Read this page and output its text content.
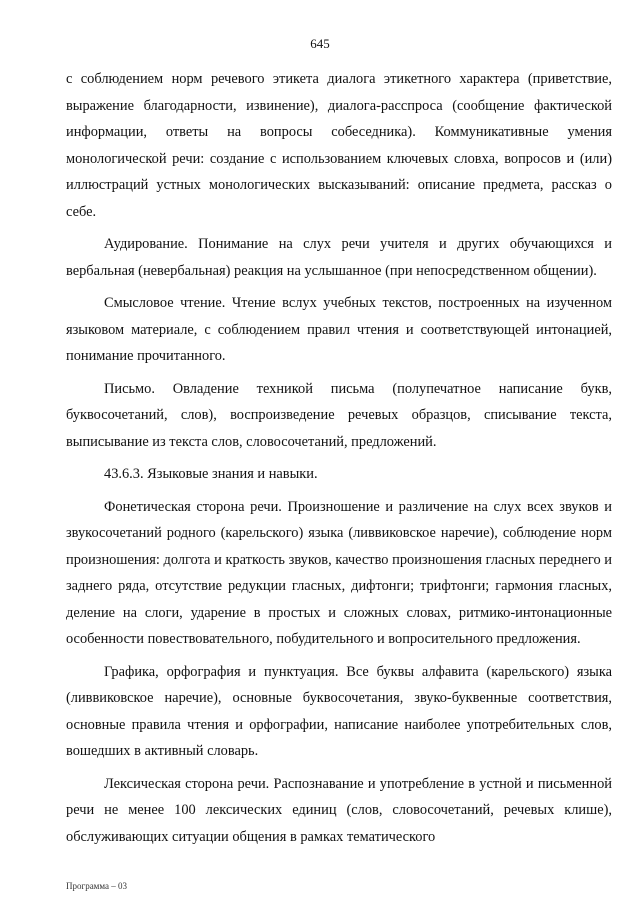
645

с соблюдением норм речевого этикета диалога этикетного характера (приветствие, выражение благодарности, извинение), диалога-расспроса (сообщение фактической информации, ответы на вопросы собеседника). Коммуникативные умения монологической речи: создание с использованием ключевых словха, вопросов и (или) иллюстраций устных монологических высказываний: описание предмета, рассказ о себе.

Аудирование. Понимание на слух речи учителя и других обучающихся и вербальная (невербальная) реакция на услышанное (при непосредственном общении).

Смысловое чтение. Чтение вслух учебных текстов, построенных на изученном языковом материале, с соблюдением правил чтения и соответствующей интонацией, понимание прочитанного.

Письмо. Овладение техникой письма (полупечатное написание букв, буквосочетаний, слов), воспроизведение речевых образцов, списывание текста, выписывание из текста слов, словосочетаний, предложений.

43.6.3. Языковые знания и навыки.

Фонетическая сторона речи. Произношение и различение на слух всех звуков и звукосочетаний родного (карельского) языка (ливвиковское наречие), соблюдение норм произношения: долгота и краткость звуков, качество произношения гласных переднего и заднего ряда, отсутствие редукции гласных, дифтонги; трифтонги; гармония гласных, деление на слоги, ударение в простых и сложных словах, ритмико-интонационные особенности повествовательного, побудительного и вопросительного предложения.

Графика, орфография и пунктуация. Все буквы алфавита (карельского) языка (ливвиковское наречие), основные буквосочетания, звуко-буквенные соответствия, основные правила чтения и орфографии, написание наиболее употребительных слов, вошедших в активный словарь.

Лексическая сторона речи. Распознавание и употребление в устной и письменной речи не менее 100 лексических единиц (слов, словосочетаний, речевых клише), обслуживающих ситуации общения в рамках тематического

Программа – 03
